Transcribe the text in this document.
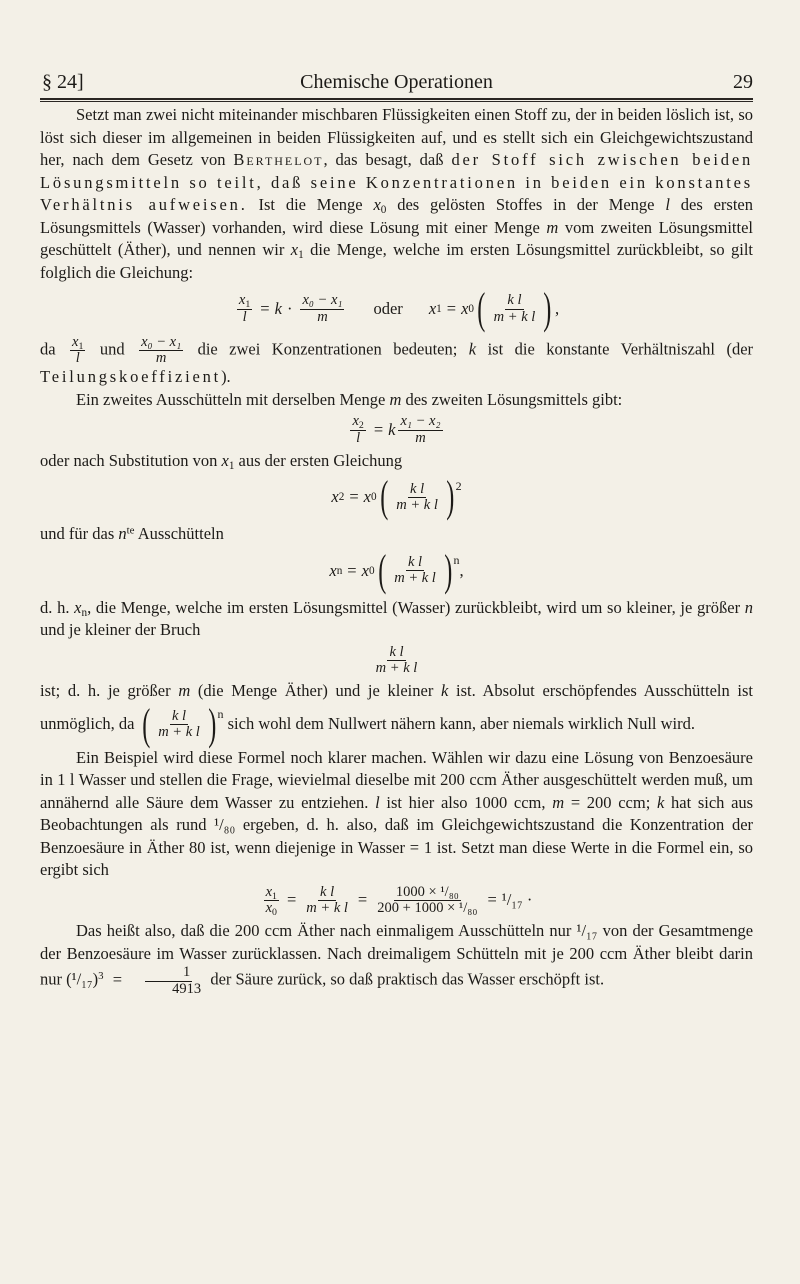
§ 24]	Chemische Operationen	29

Setzt man zwei nicht miteinander mischbaren Flüssigkeiten einen Stoff zu, der in beiden löslich ist, so löst sich dieser im allgemeinen in beiden Flüssigkeiten auf, und es stellt sich ein Gleichgewichtszustand her, nach dem Gesetz von Berthelot, das besagt, daß der Stoff sich zwischen beiden Lösungsmitteln so teilt, daß seine Konzentrationen in beiden ein konstantes Verhältnis aufweisen. Ist die Menge $x_0$ des gelösten Stoffes in der Menge l des ersten Lösungsmittels (Wasser) vorhanden, wird diese Lösung mit einer Menge m vom zweiten Lösungsmittel geschüttelt (Äther), und nennen wir $x_1$ die Menge, welche im ersten Lösungsmittel zurückbleibt, so gilt folglich die Gleichung:

$\frac{x_1}{l} = k \cdot \frac{\text{x₀ − x₁}}{m}$ oder x 1 = x 0 ( $\frac{\text{k l}}{\text{m + k l}}$ ) ,

da $\frac{x_1}{l}$ und $\frac{\text{x₀ − x₁}}{m}$ die zwei Konzentrationen bedeuten; k ist die konstante Verhältniszahl (der Teilungskoeffizient).

Ein zweites Ausschütteln mit derselben Menge m des zweiten Lösungsmittels gibt:

$\frac{x_2}{l} = k \frac{\text{x₁ − x₂}}{m}$

oder nach Substitution von $x_1$ aus der ersten Gleichung

x 2 = x 0 ( $\frac{\text{k l}}{\text{m + k l}}$ ) 2

und für das $n^{te}$ Ausschütteln

x n = x 0 ( $\frac{\text{k l}}{\text{m + k l}}$ ) n
,

d. h. $x_n$, die Menge, welche im ersten Lösungsmittel (Wasser) zurückbleibt, wird um so kleiner, je größer n und je kleiner der Bruch

$\frac{\text{k l}}{\text{m + k l}}$

ist; d. h. je größer m (die Menge Äther) und je kleiner k ist. Absolut erschöpfendes Ausschütteln ist unmöglich, da ( $\frac{\text{k l}}{\text{m + k l}}$ ) n sich wohl dem Nullwert nähern kann, aber niemals wirklich Null wird.

Ein Beispiel wird diese Formel noch klarer machen. Wählen wir dazu eine Lösung von Benzoesäure in 1 l Wasser und stellen die Frage, wievielmal dieselbe mit 200 ccm Äther ausgeschüttelt werden muß, um annähernd alle Säure dem Wasser zu entziehen. l ist hier also 1000 ccm, m = 200 ccm; k hat sich aus Beobachtungen als rund ¹/₈₀ ergeben, d. h. also, daß im Gleichgewichtszustand die Konzentration der Benzoesäure in Äther 80 ist, wenn diejenige in Wasser = 1 ist. Setzt man diese Werte in die Formel ein, so ergibt sich

$\frac{x_1}{x_0} = \frac{\text{k l}}{\text{m + k l}} = \frac{\text{1000 × ¹/₈₀}}{\text{200 + 1000 × ¹/₈₀}} = ^1/_{17}$ ·

Das heißt also, daß die 200 ccm Äther nach einmaligem Ausschütteln nur ¹/₁₇ von der Gesamtmenge der Benzoesäure im Wasser zurücklassen. Nach dreimaligem Schütteln mit je 200 ccm Äther bleibt darin nur $(^1/_{17})^3 = \frac{1}{4913}$ der Säure zurück, so daß praktisch das Wasser erschöpft ist.
